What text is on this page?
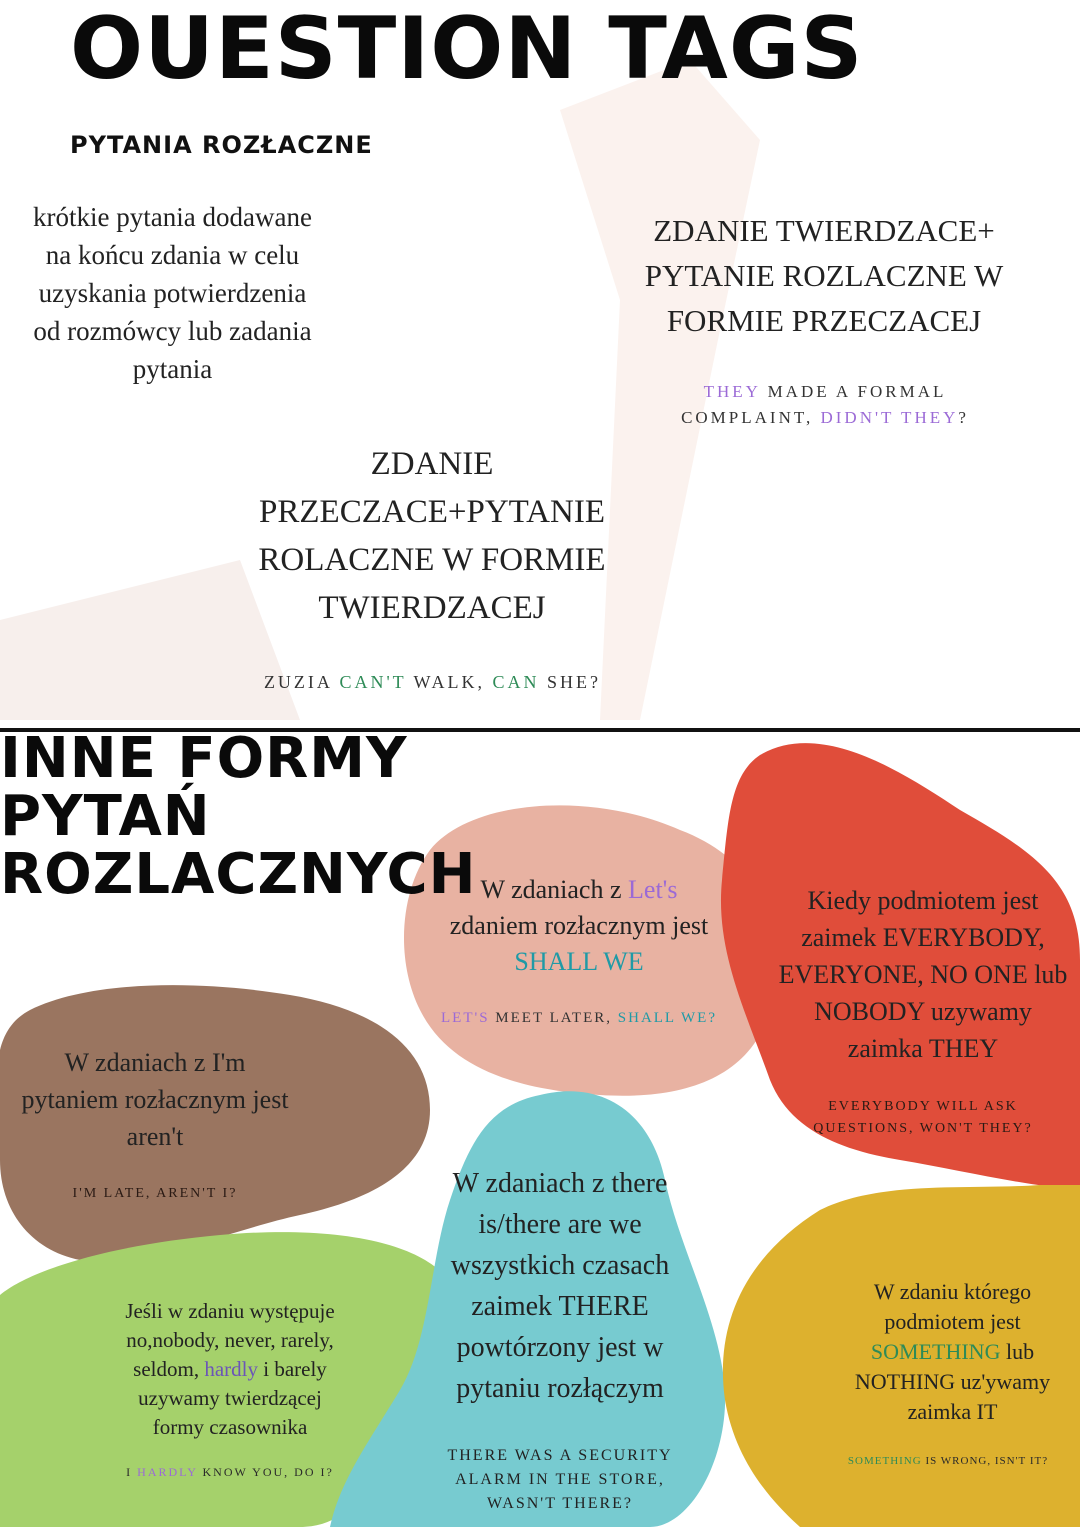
OUESTION TAGS
PYTANIA ROZŁACZNE
krótkie pytania dodawane
na końcu zdania w celu
uzyskania potwierdzenia
od rozmówcy lub zadania
pytania
ZDANIE TWIERDZACE+
PYTANIE ROZLACZNE W
FORMIE PRZECZACEJ
THEY MADE A FORMAL
COMPLAINT, DIDN'T THEY?
ZDANIE
PRZECZACE+PYTANIE
ROLACZNE W FORMIE
TWIERDZACEJ
ZUZIA CAN'T WALK, CAN SHE?
INNE FORMY
PYTAŃ
ROZLACZNYCH W zdaniach z Let's
zdaniem rozłacznym jest
SHALL WE
LET'S MEET LATER, SHALL WE?
Kiedy podmiotem jest
zaimek EVERYBODY,
EVERYONE, NO ONE lub
NOBODY uzywamy
zaimka THEY
EVERYBODY WILL ASK
QUESTIONS, WON'T THEY?
W zdaniach z I'm
pytaniem rozłacznym jest
aren't
I'M LATE, AREN'T I?	W zdaniach z there
is/there are we
wszystkich czasach
zaimek THERE
powtórzony jest w
pytaniu rozłączym
THERE WAS A SECURITY
ALARM IN THE STORE,
WASN'T THERE?
Jeśli w zdaniu występuje
no,nobody, never, rarely,
seldom, hardly i barely
uzywamy twierdzącej
formy czasownika
I HARDLY KNOW YOU, DO I?
W zdaniu którego
podmiotem jest
SOMETHING lub
NOTHING uz'ywamy
zaimka IT
SOMETHING IS WRONG, ISN'T IT?
